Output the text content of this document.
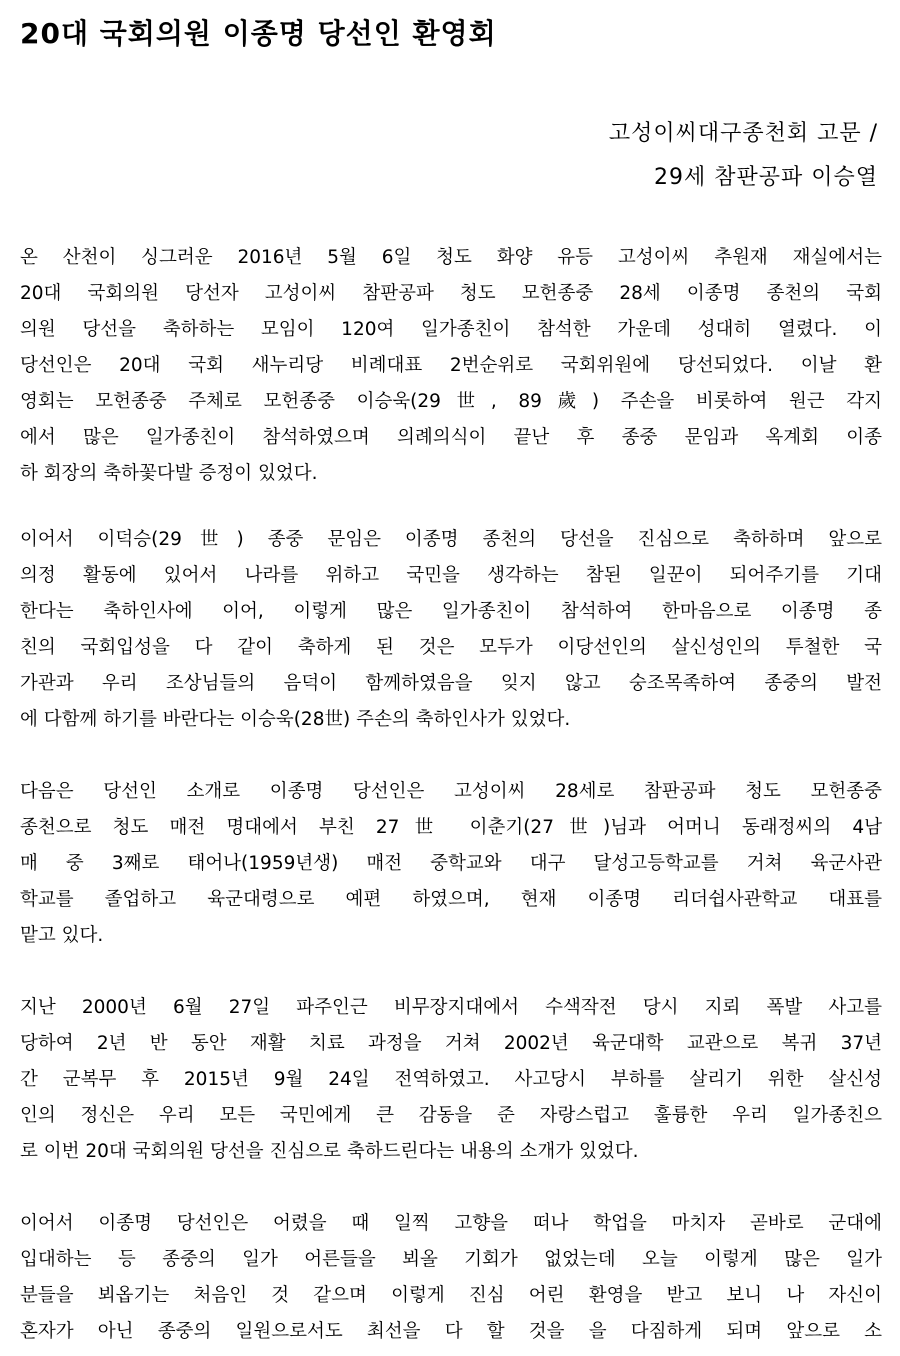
20대 국회의원 이종명 당선인 환영회
고성이씨대구종천회 고문 /
29세 참판공파 이승열
온 산천이 싱그러운 2016년 5월 6일 청도 화양 유등 고성이씨 추원재 재실에서는
20대 국회의원 당선자 고성이씨 참판공파 청도 모헌종중 28세 이종명 종천의 국회
의원 당선을 축하하는 모임이 120여 일가종친이 참석한 가운데 성대히 열렸다. 이
당선인은 20대 국회 새누리당 비례대표 2번순위로 국회위원에 당선되었다. 이날 환
영회는 모헌종중 주체로 모헌종중 이승욱(29世, 89歲) 주손을 비롯하여 원근 각지
에서 많은 일가종친이 참석하였으며 의례의식이 끝난 후 종중 문임과 옥계회 이종
하 회장의 축하꽃다발 증정이 있었다.
이어서 이덕승(29世) 종중 문임은 이종명 종천의 당선을 진심으로 축하하며 앞으로
의정 활동에 있어서 나라를 위하고 국민을 생각하는 참된 일꾼이 되어주기를 기대
한다는 축하인사에 이어, 이렇게 많은 일가종친이 참석하여 한마음으로 이종명 종
친의 국회입성을 다 같이 축하게 된 것은 모두가 이당선인의 살신성인의 투철한 국
가관과 우리 조상님들의 음덕이 함께하였음을 잊지 않고 숭조목족하여 종중의 발전
에 다함께 하기를 바란다는 이승욱(28世) 주손의 축하인사가 있었다.
다음은 당선인 소개로 이종명 당선인은 고성이씨 28세로 참판공파 청도 모헌종중
종천으로 청도 매전 명대에서 부친 27世 이춘기(27世)님과 어머니 동래정씨의 4남
매 중 3째로 태어나(1959년생) 매전 중학교와 대구 달성고등학교를 거쳐 육군사관
학교를 졸업하고 육군대령으로 예편 하였으며, 현재 이종명 리더쉽사관학교 대표를
맡고 있다.
지난 2000년 6월 27일 파주인근 비무장지대에서 수색작전 당시 지뢰 폭발 사고를
당하여 2년 반 동안 재활 치료 과정을 거쳐 2002년 육군대학 교관으로 복귀 37년
간 군복무 후 2015년 9월 24일 전역하였고. 사고당시 부하를 살리기 위한 살신성
인의 정신은 우리 모든 국민에게 큰 감동을 준 자랑스럽고 훌륭한 우리 일가종친으
로 이번 20대 국회의원 당선을 진심으로 축하드린다는 내용의 소개가 있었다.
이어서 이종명 당선인은 어렸을 때 일찍 고향을 떠나 학업을 마치자 곧바로 군대에
입대하는 등 종중의 일가 어른들을 뵈올 기회가 없었는데 오늘 이렇게 많은 일가
분들을 뵈옵기는 처음인 것 같으며 이렇게 진심 어린 환영을 받고 보니 나 자신이
혼자가 아닌 종중의 일원으로서도 최선을 다 할 것을 을 다짐하게 되며 앞으로 소
